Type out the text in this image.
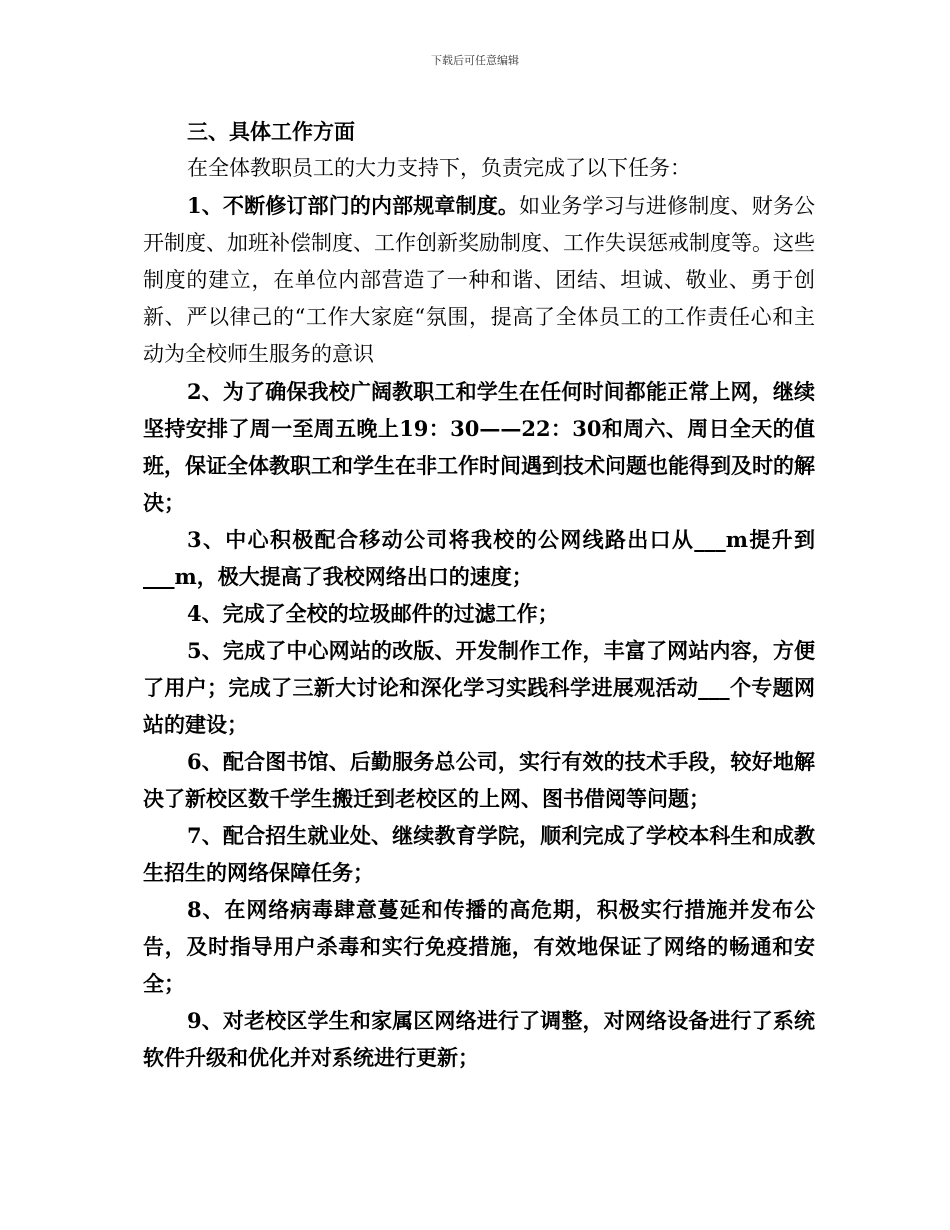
下载后可任意编辑

三、具体工作方面

在全体教职员工的大力支持下，负责完成了以下任务：

1、不断修订部门的内部规章制度。如业务学习与进修制度、财务公开制度、加班补偿制度、工作创新奖励制度、工作失误惩戒制度等。这些制度的建立，在单位内部营造了一种和谐、团结、坦诚、敬业、勇于创新、严以律己的“工作大家庭“氛围，提高了全体员工的工作责任心和主动为全校师生服务的意识

2、为了确保我校广阔教职工和学生在任何时间都能正常上网，继续坚持安排了周一至周五晚上19：30——22：30和周六、周日全天的值班，保证全体教职工和学生在非工作时间遇到技术问题也能得到及时的解决；

3、中心积极配合移动公司将我校的公网线路出口从___m提升到___m，极大提高了我校网络出口的速度；

4、完成了全校的垃圾邮件的过滤工作；

5、完成了中心网站的改版、开发制作工作，丰富了网站内容，方便了用户；完成了三新大讨论和深化学习实践科学进展观活动___个专题网站的建设；

6、配合图书馆、后勤服务总公司，实行有效的技术手段，较好地解决了新校区数千学生搬迁到老校区的上网、图书借阅等问题；

7、配合招生就业处、继续教育学院，顺利完成了学校本科生和成教生招生的网络保障任务；

8、在网络病毒肆意蔓延和传播的高危期，积极实行措施并发布公告，及时指导用户杀毒和实行免疫措施，有效地保证了网络的畅通和安全；

9、对老校区学生和家属区网络进行了调整，对网络设备进行了系统软件升级和优化并对系统进行更新；
